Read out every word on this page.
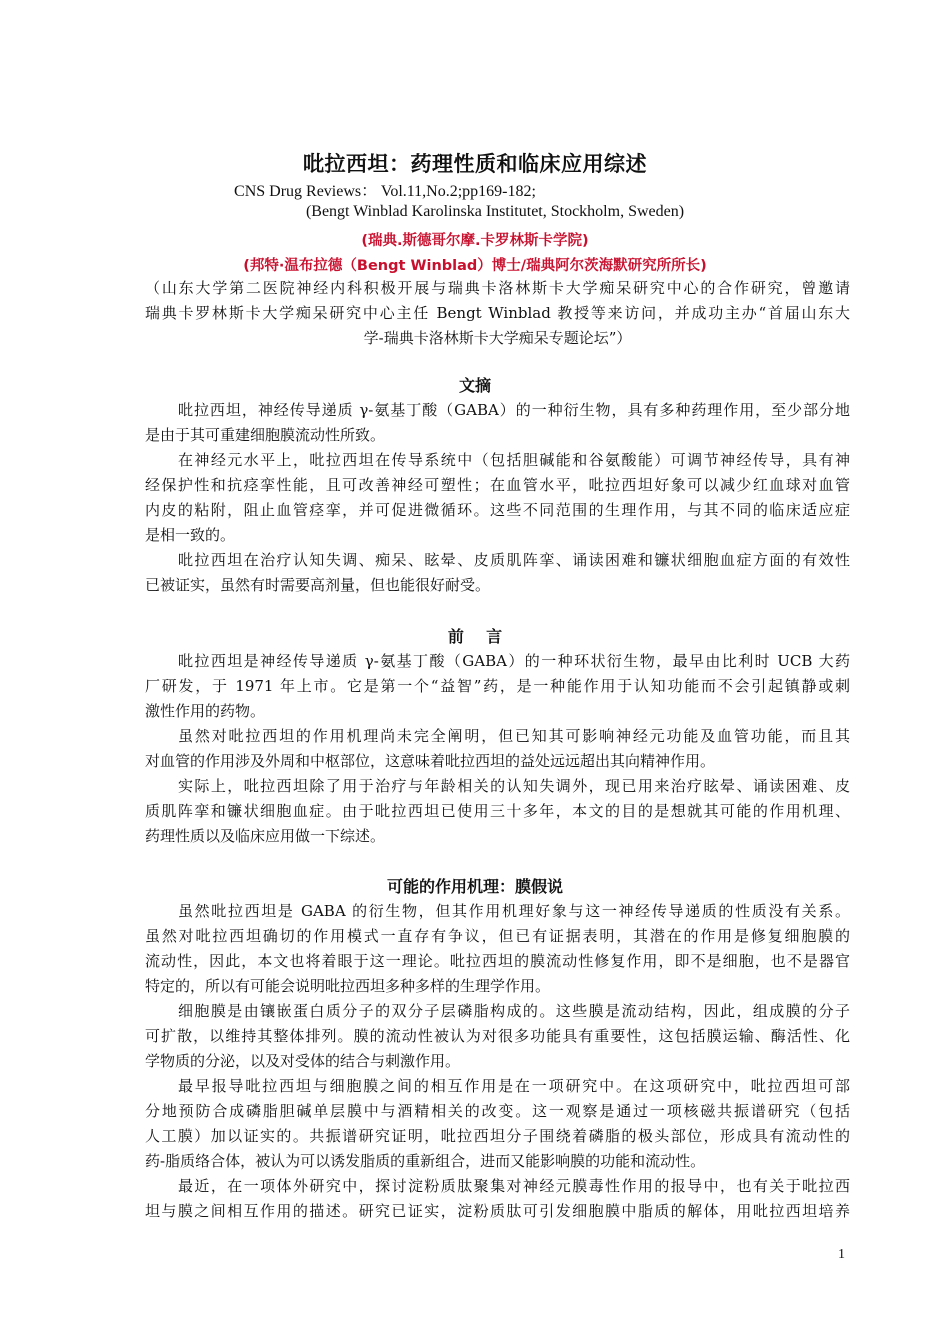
吡拉西坦：药理性质和临床应用综述
CNS Drug Reviews： Vol.11,No.2;pp169-182;
(Bengt Winblad Karolinska Institutet, Stockholm, Sweden)
(瑞典.斯德哥尔摩.卡罗林斯卡学院)
(邦特·温布拉德（Bengt Winblad）博士/瑞典阿尔茨海默研究所所长)
（山东大学第二医院神经内科积极开展与瑞典卡洛林斯卡大学痴呆研究中心的合作研究，曾邀请
瑞典卡罗林斯卡大学痴呆研究中心主任 Bengt Winblad 教授等来访问，并成功主办“首届山东大
学-瑞典卡洛林斯卡大学痴呆专题论坛”）
文摘
吡拉西坦，神经传导递质 γ-氨基丁酸（GABA）的一种衍生物，具有多种药理作用，至少部分地
是由于其可重建细胞膜流动性所致。
在神经元水平上，吡拉西坦在传导系统中（包括胆碱能和谷氨酸能）可调节神经传导，具有神
经保护性和抗痉挛性能，且可改善神经可塑性；在血管水平，吡拉西坦好象可以减少红血球对血管
内皮的粘附，阻止血管痉挛，并可促进微循环。这些不同范围的生理作用，与其不同的临床适应症
是相一致的。
吡拉西坦在治疗认知失调、痴呆、眩晕、皮质肌阵挛、诵读困难和镰状细胞血症方面的有效性
已被证实，虽然有时需要高剂量，但也能很好耐受。
前    言
吡拉西坦是神经传导递质 γ-氨基丁酸（GABA）的一种环状衍生物，最早由比利时 UCB 大药
厂研发，于 1971 年上市。它是第一个“益智”药，是一种能作用于认知功能而不会引起镇静或刺
激性作用的药物。
虽然对吡拉西坦的作用机理尚未完全阐明，但已知其可影响神经元功能及血管功能，而且其
对血管的作用涉及外周和中枢部位，这意味着吡拉西坦的益处远远超出其向精神作用。
实际上，吡拉西坦除了用于治疗与年龄相关的认知失调外，现已用来治疗眩晕、诵读困难、皮
质肌阵挛和镰状细胞血症。由于吡拉西坦已使用三十多年，本文的目的是想就其可能的作用机理、
药理性质以及临床应用做一下综述。
可能的作用机理：膜假说
虽然吡拉西坦是 GABA 的衍生物，但其作用机理好象与这一神经传导递质的性质没有关系。
虽然对吡拉西坦确切的作用模式一直存有争议，但已有证据表明，其潜在的作用是修复细胞膜的
流动性，因此，本文也将着眼于这一理论。吡拉西坦的膜流动性修复作用，即不是细胞，也不是器官
特定的，所以有可能会说明吡拉西坦多种多样的生理学作用。
细胞膜是由镶嵌蛋白质分子的双分子层磷脂构成的。这些膜是流动结构，因此，组成膜的分子
可扩散，以维持其整体排列。膜的流动性被认为对很多功能具有重要性，这包括膜运输、酶活性、化
学物质的分泌，以及对受体的结合与刺激作用。
最早报导吡拉西坦与细胞膜之间的相互作用是在一项研究中。在这项研究中，吡拉西坦可部
分地预防合成磷脂胆碱单层膜中与酒精相关的改变。这一观察是通过一项核磁共振谱研究（包括
人工膜）加以证实的。共振谱研究证明，吡拉西坦分子围绕着磷脂的极头部位，形成具有流动性的
药-脂质络合体，被认为可以诱发脂质的重新组合，进而又能影响膜的功能和流动性。
最近，在一项体外研究中，探讨淀粉质肽聚集对神经元膜毒性作用的报导中，也有关于吡拉西
坦与膜之间相互作用的描述。研究已证实，淀粉质肽可引发细胞膜中脂质的解体，用吡拉西坦培养
1
